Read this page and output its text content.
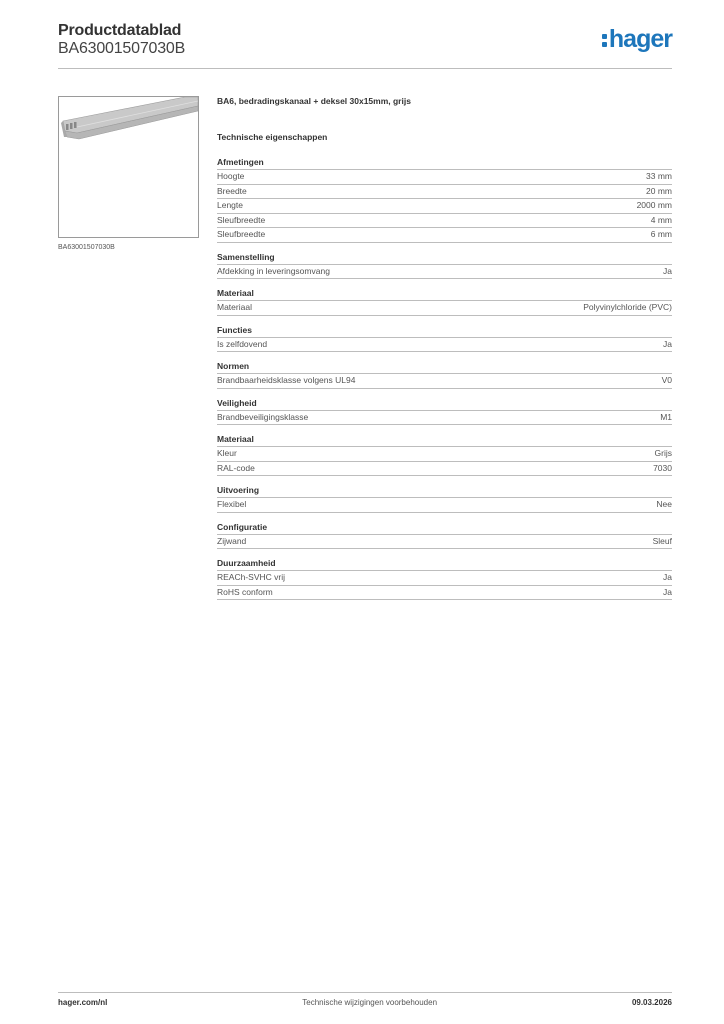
Productdatablad
BA63001507030B	hager
BA63001507030B
BA6, bedradingskanaal + deksel 30x15mm, grijs
Technische eigenschappen
Afmetingen
Hoogte	33 mm
Breedte	20 mm
Lengte	2000 mm
Sleufbreedte	4 mm
Sleufbreedte	6 mm
Samenstelling
Afdekking in leveringsomvang	Ja
Materiaal
Materiaal	Polyvinylchloride (PVC)
Functies
Is zelfdovend	Ja
Normen
Brandbaarheidsklasse volgens UL94	V0
Veiligheid
Brandbeveiligingsklasse	M1
Materiaal
Kleur	Grijs
RAL-code	7030
Uitvoering
Flexibel	Nee
Configuratie
Zijwand	Sleuf
Duurzaamheid
REACh-SVHC vrij	Ja
RoHS conform	Ja
hager.com/nl	Technische wijzigingen voorbehouden	09.03.2026
